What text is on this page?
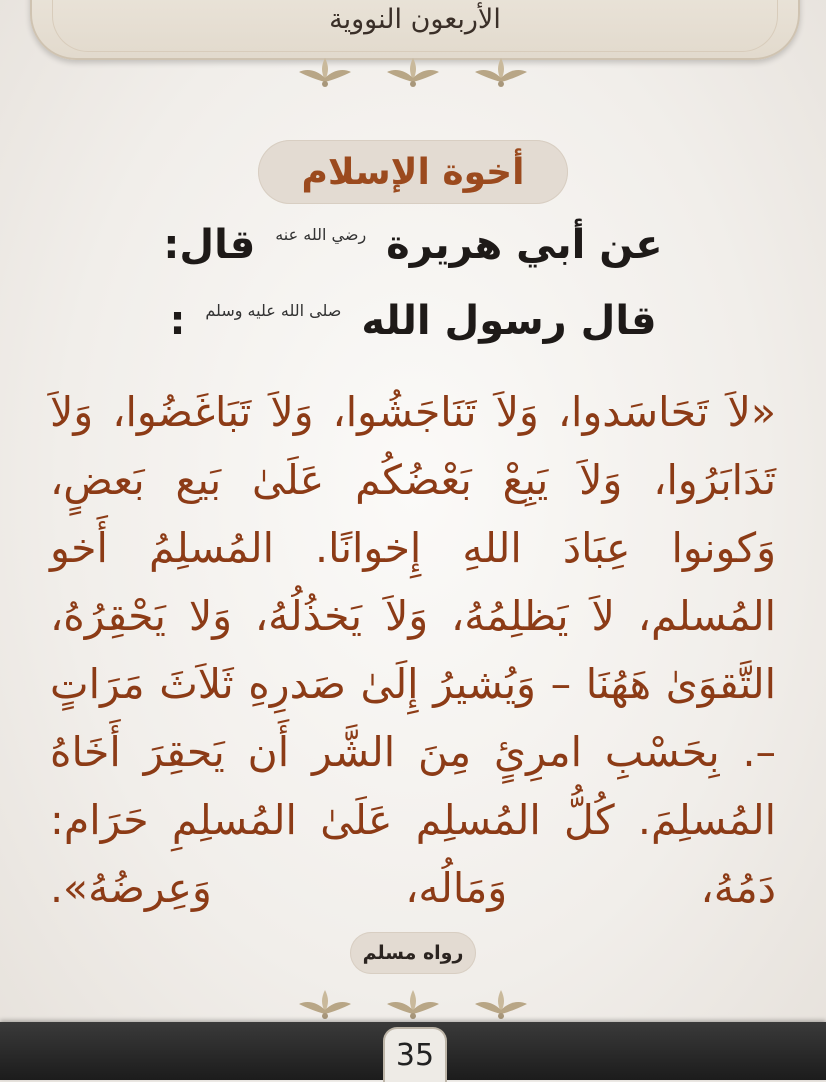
الأربعون النووية
أخوة الإسلام
عن أبي هريرة $^{رضي الله عنه}$ قال:
قال رسول الله $^{صلى الله عليه وسلم}$ :
«لاَ تَحَاسَدوا، وَلاَ تَنَاجَشُوا، وَلاَ تَبَاغَضُوا، وَلاَ تَدَابَرُوا، وَلاَ يَبِعْ بَعْضُكُم عَلَىٰ بَيع بَعضٍ، وَكونوا عِبَادَ اللهِ إِخوانًا. المُسلِمُ أَخو المُسلم، لاَ يَظلِمُهُ، وَلاَ يَخذُلُهُ، وَلا يَحْقِرُهُ، التَّقوَىٰ هَهُنَا – وَيُشيرُ إِلَىٰ صَدرِهِ ثَلاَثَ مَرَاتٍ –. بِحَسْبِ امرِئٍ مِنَ الشَّر أَن يَحقِرَ أَخَاهُ المُسلِمَ. كُلُّ المُسلِم عَلَىٰ المُسلِمِ حَرَام: دَمُهُ، وَمَالُه، وَعِرضُهُ».
رواه مسلم
35
